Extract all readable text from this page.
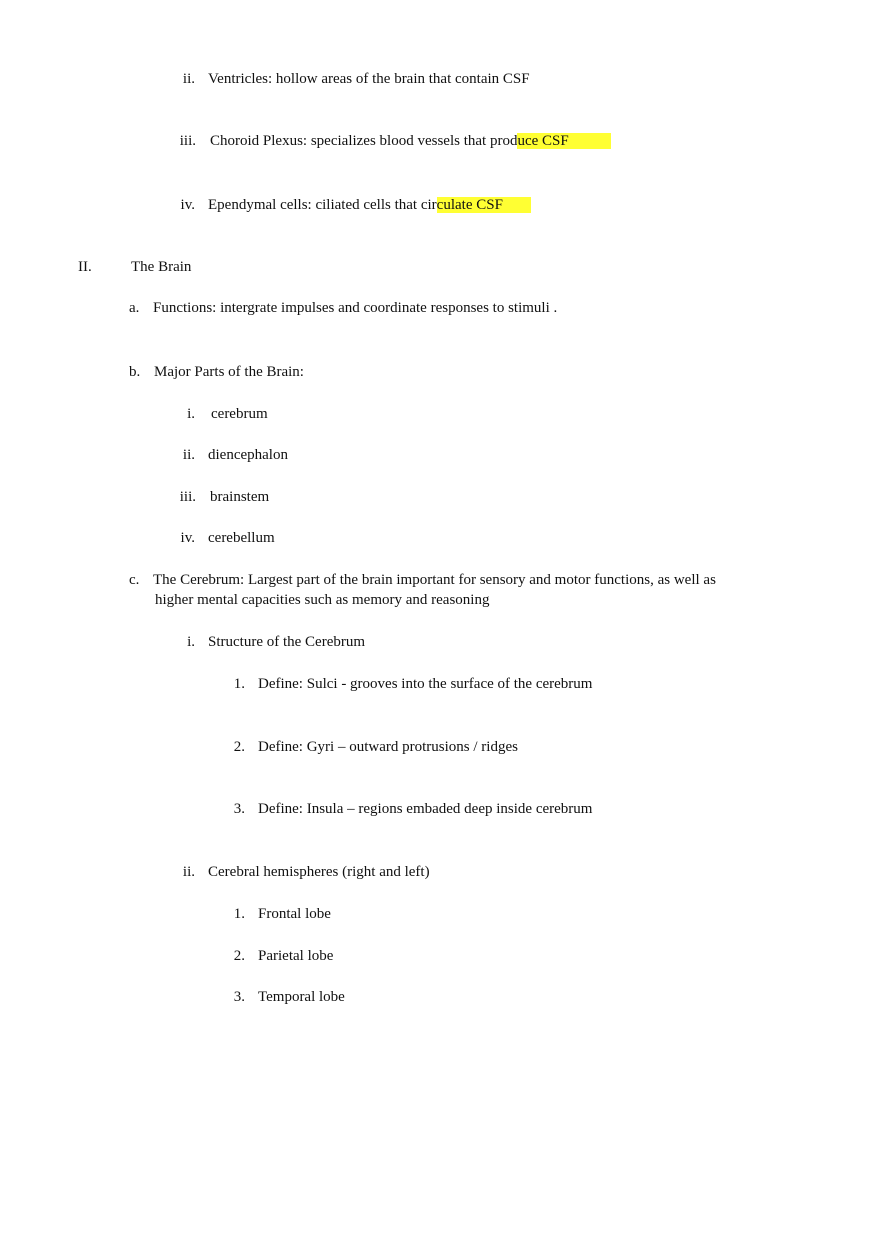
ii. Ventricles: hollow areas of the brain that contain CSF
iii. Choroid Plexus: specializes blood vessels that produce CSF
iv. Ependymal cells: ciliated cells that circulate CSF
II.	The Brain
a. Functions: intergrate impulses and coordinate responses to stimuli .
b. Major Parts of the Brain:
i. cerebrum
ii. diencephalon
iii. brainstem
iv. cerebellum
c. The Cerebrum: Largest part of the brain important for sensory and motor functions, as well as
higher mental capacities such as memory and reasoning
i. Structure of the Cerebrum
1. Define: Sulci - grooves into the surface of the cerebrum
2. Define: Gyri – outward protrusions / ridges
3. Define: Insula – regions embaded deep inside cerebrum
ii. Cerebral hemispheres (right and left)
1. Frontal lobe
2. Parietal lobe
3. Temporal lobe
